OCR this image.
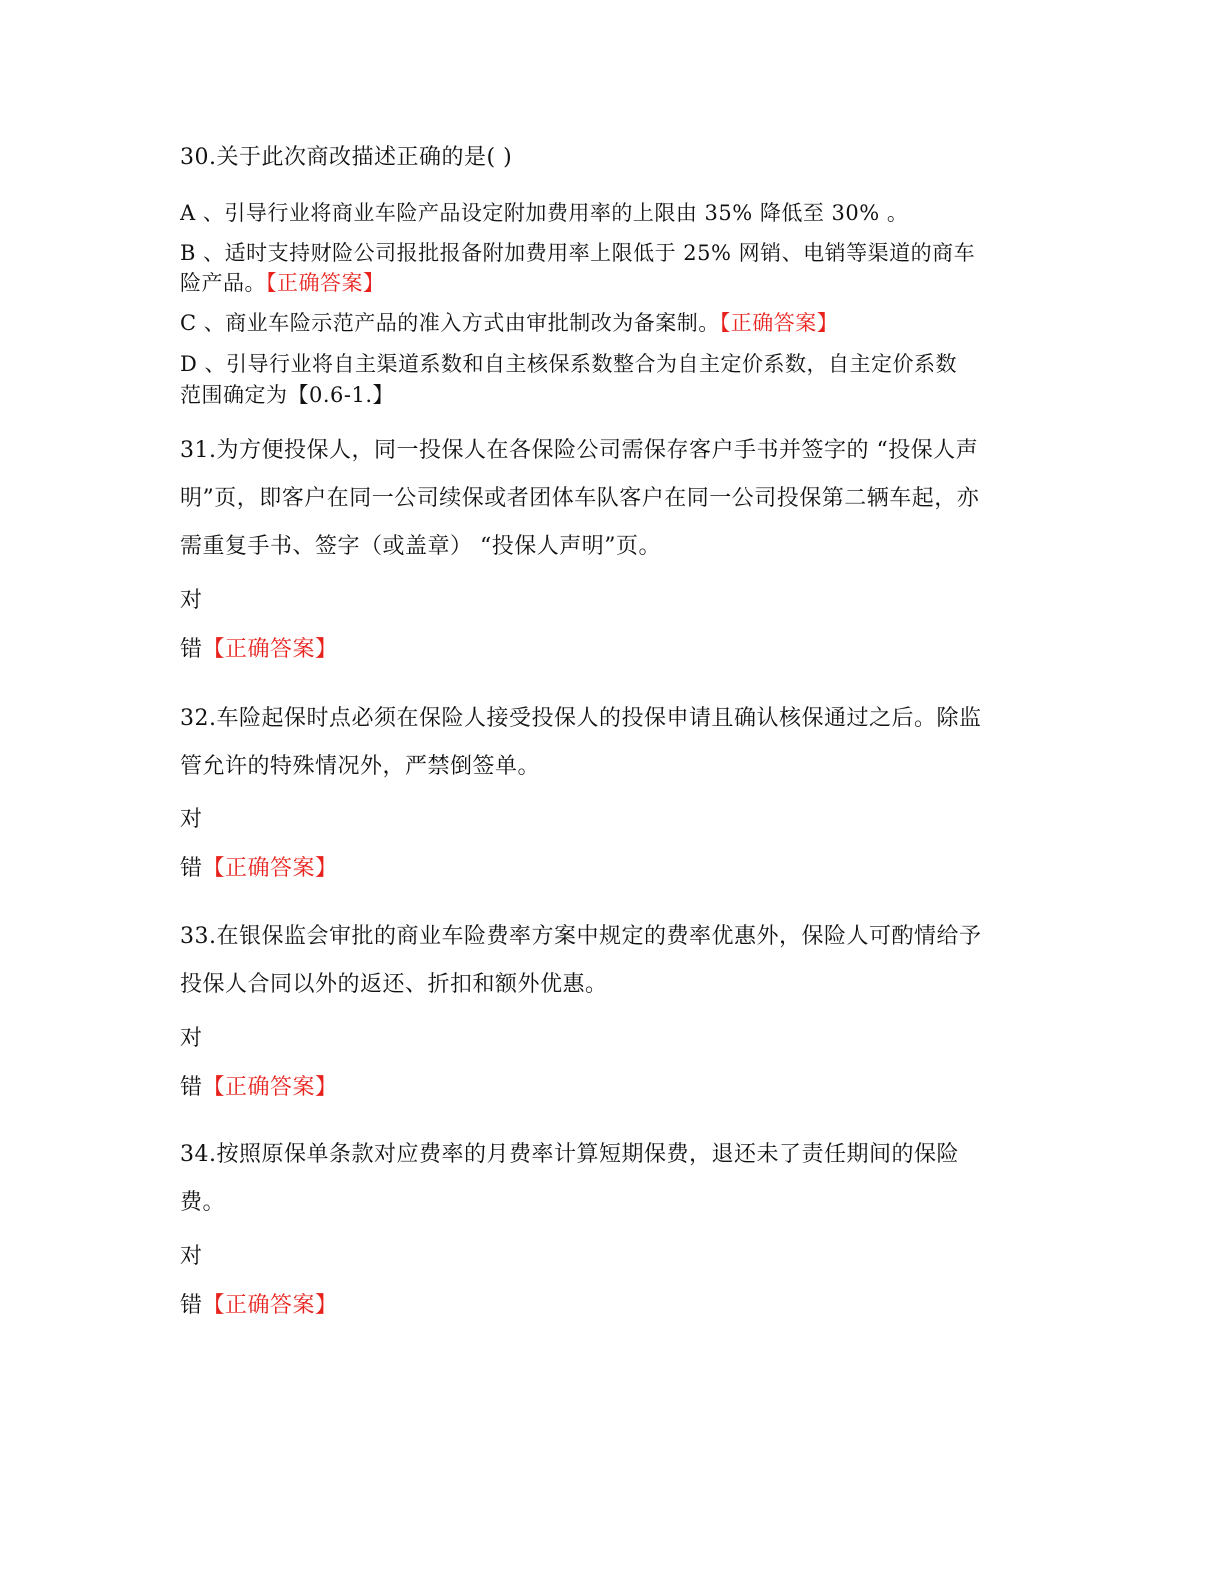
30.关于此次商改描述正确的是( )
A 、引导行业将商业车险产品设定附加费用率的上限由 35% 降低至 30% 。
B 、适时支持财险公司报批报备附加费用率上限低于 25% 网销、电销等渠道的商车
险产品。【正确答案】
C 、商业车险示范产品的准入方式由审批制改为备案制。【正确答案】
D 、引导行业将自主渠道系数和自主核保系数整合为自主定价系数，自主定价系数
范围确定为【0.6-1.】
31.为方便投保人，同一投保人在各保险公司需保存客户手书并签字的 “投保人声
明”页，即客户在同一公司续保或者团体车队客户在同一公司投保第二辆车起，亦
需重复手书、签字（或盖章） “投保人声明”页。
对
错【正确答案】
32.车险起保时点必须在保险人接受投保人的投保申请且确认核保通过之后。除监
管允许的特殊情况外，严禁倒签单。
对
错【正确答案】
33.在银保监会审批的商业车险费率方案中规定的费率优惠外，保险人可酌情给予
投保人合同以外的返还、折扣和额外优惠。
对
错【正确答案】
34.按照原保单条款对应费率的月费率计算短期保费，退还未了责任期间的保险
费。
对
错【正确答案】
